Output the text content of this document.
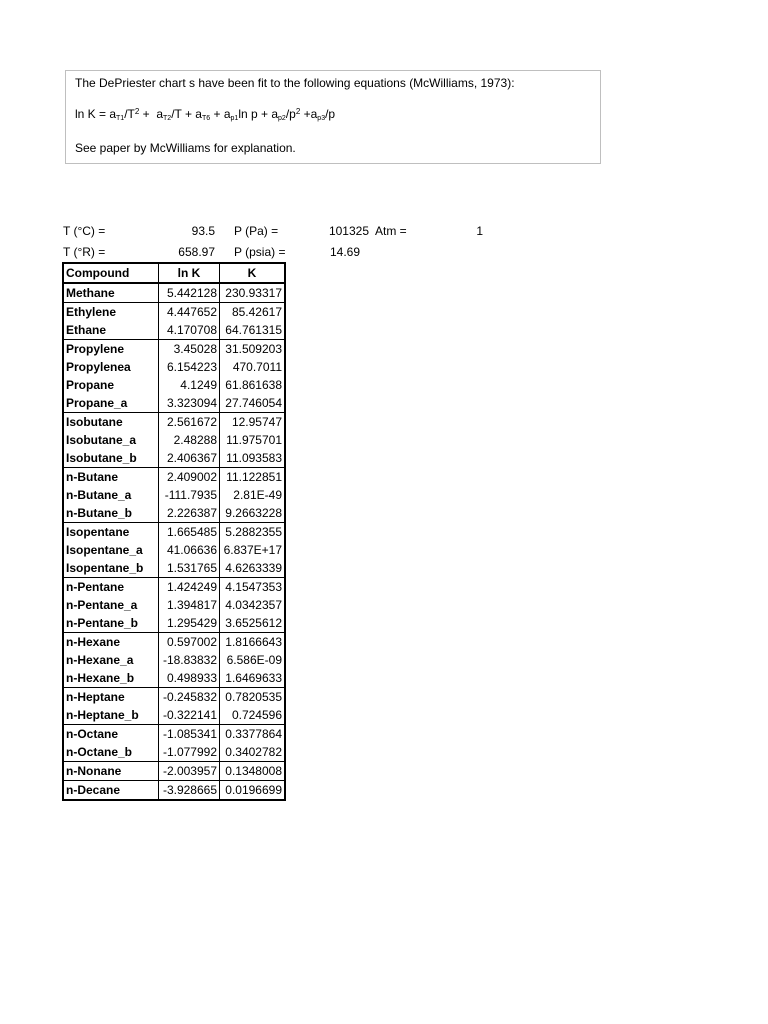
The DePriester chart s have been fit to the following equations (McWilliams, 1973):

$\ln K = a_{T1}/T^2 + a_{T2}/T + a_{T6} + a_{p1}\ln$ $p + a_{p2}/p^2 +a_{p3}/p$

See paper by McWilliams for explanation.

T (°C) =	93.5 P (Pa) =	101325 Atm =	1
T (°R) =	658.97 P (psia) =	14.69
Compound	ln K	K
Methane	5.442128	230.93317
Ethylene	4.447652	85.42617
Ethane	4.170708	64.761315
Propylene	3.45028	31.509203
Propylenea	6.154223	470.7011
Propane	4.1249	61.861638
Propane_a	3.323094	27.746054
Isobutane	2.561672	12.95747
Isobutane_a	2.48288	11.975701
Isobutane_b	2.406367	11.093583
n-Butane	2.409002	11.122851
n-Butane_a	-111.7935	2.81E-49
n-Butane_b	2.226387	9.2663228
Isopentane	1.665485	5.2882355
Isopentane_a	41.06636	6.837E+17
Isopentane_b	1.531765	4.6263339
n-Pentane	1.424249	4.1547353
n-Pentane_a	1.394817	4.0342357
n-Pentane_b	1.295429	3.6525612
n-Hexane	0.597002	1.8166643
n-Hexane_a	-18.83832	6.586E-09
n-Hexane_b	0.498933	1.6469633
n-Heptane	-0.245832	0.7820535
n-Heptane_b	-0.322141	0.724596
n-Octane	-1.085341	0.3377864
n-Octane_b	-1.077992	0.3402782
n-Nonane	-2.003957	0.1348008
n-Decane	-3.928665	0.0196699
